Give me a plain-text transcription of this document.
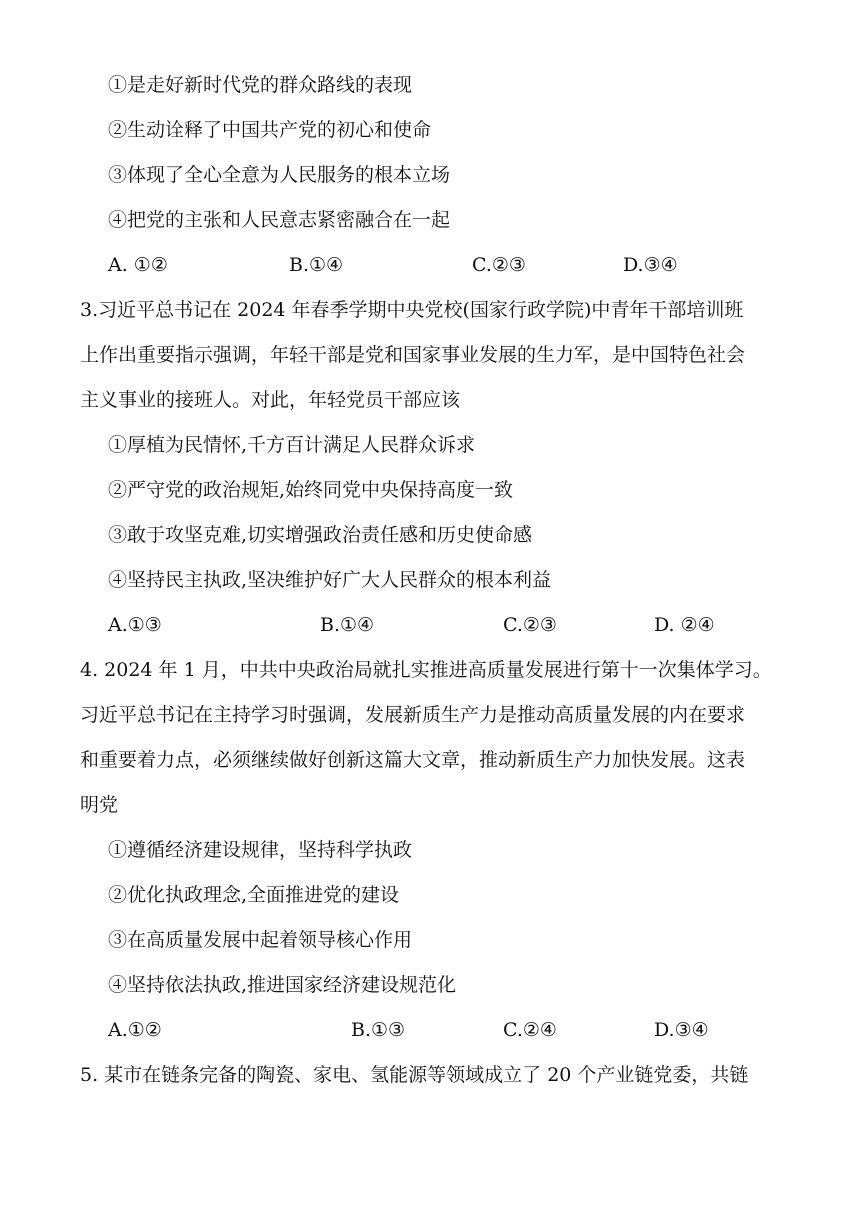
①是走好新时代党的群众路线的表现
②生动诠释了中国共产党的初心和使命
③体现了全心全意为人民服务的根本立场
④把党的主张和人民意志紧密融合在一起
A. ①②	B.①④	C.②③	D.③④
3.习近平总书记在 2024 年春季学期中央党校(国家行政学院)中青年干部培训班
上作出重要指示强调，年轻干部是党和国家事业发展的生力军，是中国特色社会
主义事业的接班人。对此，年轻党员干部应该
①厚植为民情怀,千方百计满足人民群众诉求
②严守党的政治规矩,始终同党中央保持高度一致
③敢于攻坚克难,切实增强政治责任感和历史使命感
④坚持民主执政,坚决维护好广大人民群众的根本利益
A.①③	B.①④	C.②③	D. ②④
4. 2024 年 1 月，中共中央政治局就扎实推进高质量发展进行第十一次集体学习。
习近平总书记在主持学习时强调，发展新质生产力是推动高质量发展的内在要求
和重要着力点，必须继续做好创新这篇大文章，推动新质生产力加快发展。这表
明党
①遵循经济建设规律，坚持科学执政
②优化执政理念,全面推进党的建设
③在高质量发展中起着领导核心作用
④坚持依法执政,推进国家经济建设规范化
A.①②	B.①③	C.②④	D.③④
5. 某市在链条完备的陶瓷、家电、氢能源等领域成立了 20 个产业链党委，共链
